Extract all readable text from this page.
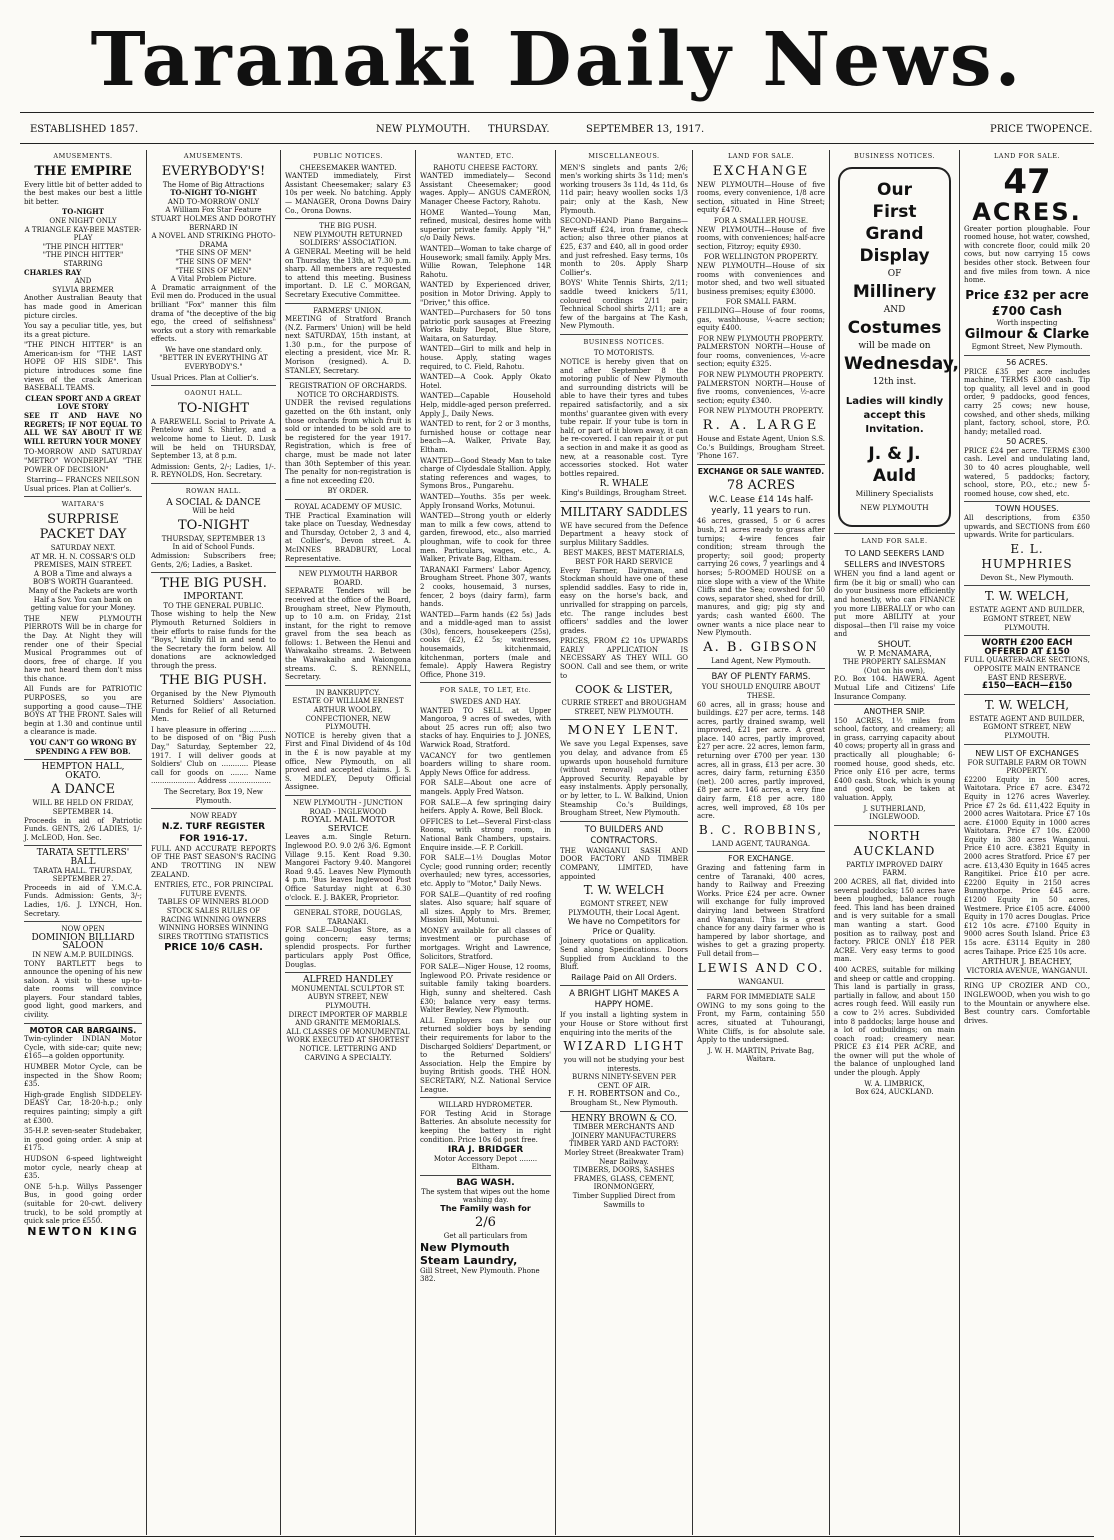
Taranaki Daily News.
ESTABLISHED 1857.	NEW PLYMOUTH. THURSDAY.	SEPTEMBER 13, 1917.	PRICE TWOPENCE.
AMUSEMENTS.
THE EMPIRE

Every little bit of better added to the best makes our best a little bit better.

TO-NIGHT
ONE NIGHT ONLY
A TRIANGLE KAY-BEE MASTER-PLAY
"THE PINCH HITTER"
"THE PINCH HITTER"
STARRING
CHARLES RAY
AND
SYLVIA BREMER

Another Australian Beauty that has made good in American picture circles.

You say a peculiar title, yes, but its a great picture.

"THE PINCH HITTER" is an American-ism for "THE LAST HOPE OF HIS SIDE". This picture introduces some fine views of the crack American BASEBALL TEAMS.

CLEAN SPORT AND A GREAT LOVE STORY

SEE IT AND HAVE NO REGRETS; IF NOT EQUAL TO ALL WE SAY ABOUT IT WE WILL RETURN YOUR MONEY

TO-MORROW AND SATURDAY "METRO" WONDERPLAY "THE POWER OF DECISION"

Starring— FRANCES NEILSON
Usual prices. Plan at Collier's.
WAITARA'S
SURPRISE PACKET DAY
SATURDAY NEXT.
AT MR. H. N. COSSAR'S OLD PREMISES, MAIN STREET.

A BOB a Time and always a BOB'S WORTH Guaranteed. Many of the Packets are worth Half a Sov. You can bank on getting value for your Money.

THE NEW PLYMOUTH PIERROTS Will be in charge for the Day. At Night they will render one of their Special Musical Programmes out of doors, free of charge. If you have not heard them don't miss this chance.

All Funds are for PATRIOTIC PURPOSES, so you are supporting a good cause—THE BOYS AT THE FRONT. Sales will begin at 1.30 and continue until a clearance is made.

YOU CAN'T GO WRONG BY SPENDING A FEW BOB.
HEMPTON HALL, OKATO.
A DANCE
WILL BE HELD ON FRIDAY, SEPTEMBER 14.

Proceeds in aid of Patriotic Funds. GENTS, 2/6 LADIES, 1/- J. McLEOD, Hon. Sec.

TARATA SETTLERS' BALL
TARATA HALL. THURSDAY, SEPTEMBER 27.

Proceeds in aid of Y.M.C.A. Funds. Admission: Gents, 3/-; Ladies, 1/6. J. LYNCH, Hon. Secretary.

NOW OPEN
DOMINION BILLIARD SALOON
IN NEW A.M.P. BUILDINGS.

TONY BARTLETT begs to announce the opening of his new saloon. A visit to these up-to-date rooms will convince players. Four standard tables, good light, good markers, and civility.

MOTOR CAR BARGAINS.

Twin-cylinder INDIAN Motor Cycle, with side-car; quite new; £165—a golden opportunity.

HUMBER Motor Cycle, can be inspected in the Show Room; £35.

High-grade English SIDDELEY-DEASY Car, 18-20-h.p.; only requires painting; simply a gift at £300.

35-H.P. seven-seater Studebaker, in good going order. A snip at £175.

HUDSON 6-speed lightweight motor cycle, nearly cheap at £35.

ONE 5-h.p. Willys Passenger Bus, in good going order (suitable for 20-cwt. delivery truck), to be sold promptly at quick sale price £550.

NEWTON KING
AMUSEMENTS.
EVERYBODY'S!
The Home of Big Attractions
TO-NIGHT TO-NIGHT
AND TO-MORROW ONLY
A William Fox Star Feature
STUART HOLMES AND DOROTHY BERNARD IN
A NOVEL AND STRIKING PHOTO-DRAMA
"THE SINS OF MEN"
"THE SINS OF MEN"
"THE SINS OF MEN"
A Vital Problem Picture.

A Dramatic arraignment of the Evil men do. Produced in the usual brilliant "Fox" manner this film drama of "the deceptive of the big ego, the creed of selfishness" works out a story with remarkable effects.

We have one standard only. "BETTER IN EVERYTHING AT EVERYBODY'S."

Usual Prices. Plan at Collier's.
OAONUI HALL.
TO-NIGHT

A FAREWELL Social to Private A. Pentelow and S. Shirley, and a welcome home to Lieut. D. Lusk will be held on THURSDAY, September 13, at 8 p.m.

Admission: Gents, 2/-; Ladies, 1/-. R. REYNOLDS, Hon. Secretary.

ROWAN HALL.
A SOCIAL & DANCE
Will be held
TO-NIGHT
THURSDAY, SEPTEMBER 13
In aid of School Funds.

Admission: Subscribers free; Gents, 2/6; Ladies, a Basket.

THE BIG PUSH.
IMPORTANT.
TO THE GENERAL PUBLIC.

Those wishing to help the New Plymouth Returned Soldiers in their efforts to raise funds for the "Boys," kindly fill in and send to the Secretary the form below. All donations are acknowledged through the press.

THE BIG PUSH.

Organised by the New Plymouth Returned Soldiers' Association. Funds for Relief of all Returned Men.

I have pleasure in offering ............ to be disposed of on "Big Push Day," Saturday, September 22, 1917. I will deliver goods at Soldiers' Club on ............ Please call for goods on ........ Name .................... Address ...................

The Secretary, Box 19, New Plymouth.
NOW READY
N.Z. TURF REGISTER FOR 1916-17.

FULL AND ACCURATE REPORTS OF THE PAST SEASON'S RACING AND TROTTING IN NEW ZEALAND.

ENTRIES, ETC., FOR PRINCIPAL FUTURE EVENTS.
TABLES OF WINNERS BLOOD STOCK SALES RULES OF RACING WINNING OWNERS WINNING HORSES WINNING SIRES TROTTING STATISTICS
PRICE 10/6 CASH.
PUBLIC NOTICES.
CHEESEMAKER WANTED.

WANTED immediately, First Assistant Cheesemaker; salary £3 10s per week. No batching. Apply— MANAGER, Orona Downs Dairy Co., Orona Downs.

THE BIG PUSH.
NEW PLYMOUTH RETURNED SOLDIERS' ASSOCIATION.

A GENERAL Meeting will be held on Thursday, the 13th, at 7.30 p.m. sharp. All members are requested to attend this meeting. Business important. D. LE C. MORGAN, Secretary Executive Committee.

FARMERS' UNION.

MEETING of Stratford Branch (N.Z. Farmers' Union) will be held next SATURDAY, 15th instant, at 1.30 p.m., for the purpose of electing a president, vice Mr. R. Morison (resigned). A. D. STANLEY, Secretary.

REGISTRATION OF ORCHARDS.
NOTICE TO ORCHARDISTS.

UNDER the revised regulations gazetted on the 6th instant, only those orchards from which fruit is sold or intended to be sold are to be registered for the year 1917. Registration, which is free of charge, must be made not later than 30th September of this year. The penalty for non-registration is a fine not exceeding £20.

BY ORDER.
ROYAL ACADEMY OF MUSIC.

THE Practical Examination will take place on Tuesday, Wednesday and Thursday, October 2, 3 and 4, at Collier's, Devon street. A. McINNES BRADBURY, Local Representative.

NEW PLYMOUTH HARBOR BOARD.

SEPARATE Tenders will be received at the office of the Board, Brougham street, New Plymouth, up to 10 a.m. on Friday, 21st instant, for the right to remove gravel from the sea beach as follows: 1. Between the Henui and Waiwakaiho streams. 2. Between the Waiwakaiho and Waiongona streams. C. S. RENNELL, Secretary.

IN BANKRUPTCY.
ESTATE OF WILLIAM ERNEST ARTHUR WOOLBY, CONFECTIONER, NEW PLYMOUTH.

NOTICE is hereby given that a First and Final Dividend of 4s 10d in the £ is now payable at my office, New Plymouth, on all proved and accepted claims. J. S. S. MEDLEY, Deputy Official Assignee.

NEW PLYMOUTH - JUNCTION ROAD - INGLEWOOD
ROYAL MAIL MOTOR SERVICE

Leaves a.m. Single Return. Inglewood P.O. 9.0 2/6 3/6. Egmont Village 9.15. Kent Road 9.30. Mangorei Factory 9.40. Mangorei Road 9.45. Leaves New Plymouth 4 p.m. 'Bus leaves Inglewood Post Office Saturday night at 6.30 o'clock. E. J. BAKER, Proprietor.

GENERAL STORE, DOUGLAS, TARANAKI.

FOR SALE—Douglas Store, as a going concern; easy terms; splendid prospects. For further particulars apply Post Office, Douglas.

ALFRED HANDLEY
MONUMENTAL SCULPTOR ST. AUBYN STREET, NEW PLYMOUTH.
DIRECT IMPORTER OF MARBLE AND GRANITE MEMORIALS.
ALL CLASSES OF MONUMENTAL WORK EXECUTED AT SHORTEST NOTICE. LETTERING AND CARVING A SPECIALTY.
WANTED, ETC.
RAHOTU CHEESE FACTORY.

WANTED immediately— Second Assistant Cheesemaker; good wages. Apply— ANGUS CAMERON, Manager Cheese Factory, Rahotu.

HOME Wanted—Young Man, refined, musical, desires home with superior private family. Apply "H," c/o Daily News.

WANTED—Woman to take charge of Housework; small family. Apply Mrs. Willie Rowan, Telephone 14R Rahotu.

WANTED by Experienced driver, position in Motor Driving. Apply to "Driver," this office.

WANTED—Purchasers for 50 tons patriotic pork sausages at Freezing Works Ruby Depot, Blue Store, Waitara, on Saturday.

WANTED—Girl to milk and help in house. Apply, stating wages required, to C. Field, Rahotu.

WANTED—A Cook. Apply Okato Hotel.

WANTED—Capable Household Help, middle-aged person preferred. Apply J., Daily News.

WANTED to rent, for 2 or 3 months, furnished house or cottage near beach—A. Walker, Private Bay, Eltham.

WANTED—Good Steady Man to take charge of Clydesdale Stallion. Apply, stating references and wages, to Symons Bros., Pungarehu.

WANTED—Youths. 35s per week. Apply Ironsand Works, Motunui.

WANTED—Strong youth or elderly man to milk a few cows, attend to garden, firewood, etc., also married ploughman, wife to cook for three men. Particulars, wages, etc., A. Walker, Private Bag, Eltham.

TARANAKI Farmers' Labor Agency, Brougham Street. Phone 307, wants 2 cooks, housemaid, 3 nurses, fencer, 2 boys (dairy farm), farm hands.

WANTED—Farm hands (£2 5s) Jads and a middle-aged man to assist (30s), fencers, housekeepers (25s), cooks (£2), £2 5s; waitresses, housemaids, kitchenmaid, kitchenman, porters (male and female). Apply Hawera Registry Office, Phone 319.

FOR SALE, TO LET, Etc.
SWEDES AND HAY.

WANTED TO SELL at Upper Mangoroa, 9 acres of swedes, with about 25 acres run off; also two stacks of hay. Enquiries to J. JONES, Warwick Road, Stratford.

VACANCY for two gentlemen boarders willing to share room. Apply News Office for address.

FOR SALE—About one acre of mangels. Apply Fred Watson.

FOR SALE—A few springing dairy heifers. Apply A. Rowe, Bell Block.

OFFICES to Let—Several First-class Rooms, with strong room, in National Bank Chambers, upstairs. Enquire inside.—F. P. Corkill.

FOR SALE—1½ Douglas Motor Cycle; good running order; recently overhauled; new tyres, accessories, etc. Apply to "Motor," Daily News.

FOR SALE—Quantity of red roofing slates. Also square; half square of all sizes. Apply to Mrs. Bremer, Mission Hill, Motunui.

MONEY available for all classes of investment or purchase of mortgages. Wright and Lawrence, Solicitors, Stratford.

FOR SALE—Niger House, 12 rooms, Inglewood P.O. Private residence or suitable family taking boarders. High, sunny and sheltered. Cash £30; balance very easy terms. Walter Bewley, New Plymouth.

ALL Employers can help our returned soldier boys by sending their requirements for labor to the Discharged Soldiers' Department, or to the Returned Soldiers' Association. Help the Empire by buying British goods. THE HON. SECRETARY, N.Z. National Service League.

WILLARD HYDROMETER.

FOR Testing Acid in Storage Batteries. An absolute necessity for keeping the battery in right condition. Price 10s 6d post free.

IRA J. BRIDGER
Motor Accessory Depot ........ Eltham.
BAG WASH.
The system that wipes out the home washing day.
The Family wash for
2/6
Get all particulars from
New Plymouth Steam Laundry,
Gill Street, New Plymouth. Phone 382.
MISCELLANEOUS.

MEN'S singlets and pants 2/6; men's working shirts 3s 11d; men's working trousers 3s 11d, 4s 11d, 6s 11d pair; heavy woollen socks 1/3 pair; only at the Kash, New Plymouth.

SECOND-HAND Piano Bargains—Reve-stuff £24, iron frame, check action; also three other pianos at £25, £37 and £40, all in good order and just refreshed. Easy terms, 10s month to 20s. Apply Sharp Collier's.

BOYS' White Tennis Shirts, 2/11; saddle tweed knickers 5/11, coloured cordings 2/11 pair; Technical School shirts 2/11; are a few of the bargains at The Kash, New Plymouth.

BUSINESS NOTICES.
TO MOTORISTS.

NOTICE is hereby given that on and after September 8 the motoring public of New Plymouth and surrounding districts will be able to have their tyres and tubes repaired satisfactorily, and a six months' guarantee given with every tube repair. If your tube is torn in half, or part of it blown away, it can be re-covered. I can repair it or put a section in and make it as good as new, at a reasonable cost. Tyre accessories stocked. Hot water bottles repaired.

R. WHALE
King's Buildings, Brougham Street.
MILITARY SADDLES

WE have secured from the Defence Department a heavy stock of surplus Military Saddles.

BEST MAKES, BEST MATERIALS, BEST FOR HARD SERVICE

Every Farmer, Dairyman, and Stockman should have one of these splendid saddles. Easy to ride in, easy on the horse's back, and unrivalled for strapping on parcels, etc. The range includes best officers' saddles and the lower grades.

PRICES, FROM £2 10s UPWARDS EARLY APPLICATION IS NECESSARY AS THEY WILL GO SOON. Call and see them, or write to

COOK & LISTER,
CURRIE STREET and BROUGHAM STREET, NEW PLYMOUTH.
MONEY LENT.

We save you Legal Expenses, save you delay, and advance from £5 upwards upon household furniture (without removal) and other Approved Security. Repayable by easy instalments. Apply personally, or by letter, to L. W. Balkind, Union Steamship Co.'s Buildings, Brougham Street, New Plymouth.

TO BUILDERS AND CONTRACTORS.

THE WANGANUI SASH AND DOOR FACTORY AND TIMBER COMPANY, LIMITED, have appointed

T. W. WELCH
EGMONT STREET, NEW PLYMOUTH, their Local Agent.
We have no Competitors for Price or Quality.

Joinery quotations on application. Send along Specifications. Doors Supplied from Auckland to the Bluff.

Railage Paid on All Orders.
A BRIGHT LIGHT MAKES A HAPPY HOME.

If you install a lighting system in your House or Store without first enquiring into the merits of the

WIZARD LIGHT
you will not be studying your best interests.
BURNS NINETY-SEVEN PER CENT. OF AIR.
F. H. ROBERTSON and Co.,
Brougham St., New Plymouth.
HENRY BROWN & CO.
TIMBER MERCHANTS AND JOINERY MANUFACTURERS
TIMBER YARD AND FACTORY: Morley Street (Breakwater Tram) Near Railway.
TIMBERS, DOORS, SASHES FRAMES, GLASS, CEMENT, IRONMONGERY,
Timber Supplied Direct from Sawmills to
LAND FOR SALE.
EXCHANGE

NEW PLYMOUTH—House of five rooms, every convenience, 1/8 acre section, situated in Hine Street; equity £470.

FOR A SMALLER HOUSE.

NEW PLYMOUTH—House of five rooms, with conveniences; half-acre section, Fitzroy; equity £930.

FOR WELLINGTON PROPERTY.

NEW PLYMOUTH—House of six rooms with conveniences and motor shed, and two well situated business premises; equity £3000.

FOR SMALL FARM.

FEILDING—House of four rooms, gas, washhouse, ¼-acre section; equity £400.

FOR NEW PLYMOUTH PROPERTY.

PALMERSTON NORTH—House of four rooms, conveniences, ½-acre section; equity £325.

FOR NEW PLYMOUTH PROPERTY.

PALMERSTON NORTH—House of five rooms, conveniences, ½-acre section; equity £340.

FOR NEW PLYMOUTH PROPERTY.
R. A. LARGE

House and Estate Agent, Union S.S. Co.'s Buildings, Brougham Street. 'Phone 167.

EXCHANGE OR SALE WANTED.
78 ACRES
W.C. Lease £14 14s half-yearly, 11 years to run.

46 acres, grassed, 5 or 6 acres bush, 21 acres ready to grass after turnips; 4-wire fences fair condition; stream through the property; soil good; property carrying 26 cows, 7 yearlings and 4 horses; 5-ROOMED HOUSE on a nice slope with a view of the White Cliffs and the Sea; cowshed for 50 cows, separator shed, shed for drill, manures, and gig; pig sty and yards; cash wanted £600. The owner wants a nice place near to New Plymouth.

A. B. GIBSON
Land Agent, New Plymouth.
BAY OF PLENTY FARMS.
YOU SHOULD ENQUIRE ABOUT THESE.

60 acres, all in grass; house and buildings. £27 per acre, terms. 148 acres, partly drained swamp, well improved, £21 per acre. A great place. 140 acres, partly improved, £27 per acre. 22 acres, lemon farm, returning over £700 per year. 130 acres, all in grass, £13 per acre. 30 acres, dairy farm, returning £350 (net). 200 acres, partly improved, £8 per acre. 146 acres, a very fine dairy farm, £18 per acre. 180 acres, well improved, £8 10s per acre.

B. C. ROBBINS,
LAND AGENT, TAURANGA.
FOR EXCHANGE.

Grazing and fattening farm in centre of Taranaki, 400 acres, handy to Railway and Freezing Works. Price £24 per acre. Owner will exchange for fully improved dairying land between Stratford and Wanganui. This is a great chance for any dairy farmer who is hampered by labor shortage, and wishes to get a grazing property. Full detail from—

LEWIS AND CO.
WANGANUI.
FARM FOR IMMEDIATE SALE

OWING to my sons going to the Front, my Farm, containing 550 acres, situated at Tuhourangi, White Cliffs, is for absolute sale. Apply to the undersigned.

J. W. H. MARTIN, Private Bag, Waitara.
BUSINESS NOTICES.
Our
First
Grand
Display
OF
Millinery
AND
Costumes
will be made on
Wednesday,
12th inst.
Ladies will kindly accept this Invitation.
J. & J. Auld
Millinery Specialists
NEW PLYMOUTH
LAND FOR SALE.
TO LAND SEEKERS LAND SELLERS and INVESTORS

WHEN you find a land agent or firm (be it big or small) who can do your business more efficiently and honestly, who can FINANCE you more LIBERALLY or who can put more ABILITY at your disposal—then I'll raise my voice and

SHOUT.
W. P. McNAMARA,
THE PROPERTY SALESMAN (Out on his own),

P.O. Box 104. HAWERA. Agent Mutual Life and Citizens' Life Insurance Company.

ANOTHER SNIP.

150 ACRES, 1½ miles from school, factory, and creamery; all in grass, carrying capacity about 40 cows; property all in grass and practically all ploughable; 6-roomed house, good sheds, etc. Price only £16 per acre, terms £400 cash. Stock, which is young and good, can be taken at valuation. Apply,

J. SUTHERLAND,
INGLEWOOD.
NORTH AUCKLAND
PARTLY IMPROVED DAIRY FARM.

200 ACRES, all flat, divided into several paddocks; 150 acres have been ploughed, balance rough feed. This land has been drained and is very suitable for a small man wanting a start. Good position as to railway, post and factory. PRICE ONLY £18 PER ACRE. Very easy terms to good man.

400 ACRES, suitable for milking and sheep or cattle and cropping. This land is partially in grass, partially in fallow, and about 150 acres rough feed. Will easily run a cow to 2½ acres. Subdivided into 8 paddocks; large house and a lot of outbuildings; on main coach road; creamery near. PRICE £3 £14 PER ACRE, and the owner will put the whole of the balance of unploughed land under the plough. Apply

W. A. LIMBRICK,
Box 624, AUCKLAND.
LAND FOR SALE.
47
ACRES.

Greater portion ploughable. Four roomed house, hot water, cowshed, with concrete floor, could milk 20 cows, but now carrying 15 cows besides other stock. Between four and five miles from town. A nice home.

Price £32 per acre
£700 Cash
Worth inspecting
Gilmour & Clarke
Egmont Street, New Plymouth.
56 ACRES.

PRICE £35 per acre includes machine, TERMS £300 cash. Tip top quality, all level and in good order, 9 paddocks, good fences, carry 25 cows; new house, cowshed, and other sheds, milking plant, factory, school, store, P.O. handy; metalled road.

50 ACRES.

PRICE £24 per acre. TERMS £300 cash. Level and undulating land, 30 to 40 acres ploughable, well watered, 5 paddocks; factory, school, store, P.O., etc.; new 5-roomed house, cow shed, etc.

TOWN HOUSES.

All descriptions, from £350 upwards, and SECTIONS from £60 upwards. Write for particulars.

E. L. HUMPHRIES
Devon St., New Plymouth.
T. W. WELCH,
ESTATE AGENT AND BUILDER, EGMONT STREET, NEW PLYMOUTH.
WORTH £200 EACH
OFFERED AT £150
FULL QUARTER-ACRE SECTIONS, OPPOSITE MAIN ENTRANCE EAST END RESERVE.
£150—EACH—£150
T. W. WELCH,
ESTATE AGENT AND BUILDER, EGMONT STREET, NEW PLYMOUTH.
NEW LIST OF EXCHANGES
FOR SUITABLE FARM OR TOWN PROPERTY.

£2200 Equity in 500 acres, Waitotara. Price £7 acre. £3472 Equity in 1276 acres Waverley. Price £7 2s 6d. £11,422 Equity in 2000 acres Waitotara. Price £7 10s acre. £1000 Equity in 1000 acres Waitotara. Price £7 10s. £2000 Equity in 380 acres Wanganui. Price £10 acre. £3821 Equity in 2000 acres Stratford. Price £7 per acre. £13,430 Equity in 1645 acres Rangitikei. Price £10 per acre. £2200 Equity in 2150 acres Bunnythorpe. Price £45 acre. £1200 Equity in 50 acres, Westmere. Price £105 acre. £4000 Equity in 170 acres Douglas. Price £12 10s acre. £7100 Equity in 9000 acres South Island. Price £3 15s acre. £3114 Equity in 280 acres Taihape. Price £25 10s acre.

ARTHUR J. BEACHEY,
VICTORIA AVENUE, WANGANUI.

RING UP CROZIER AND CO., INGLEWOOD, when you wish to go to the Mountain or anywhere else. Best country cars. Comfortable drives.
